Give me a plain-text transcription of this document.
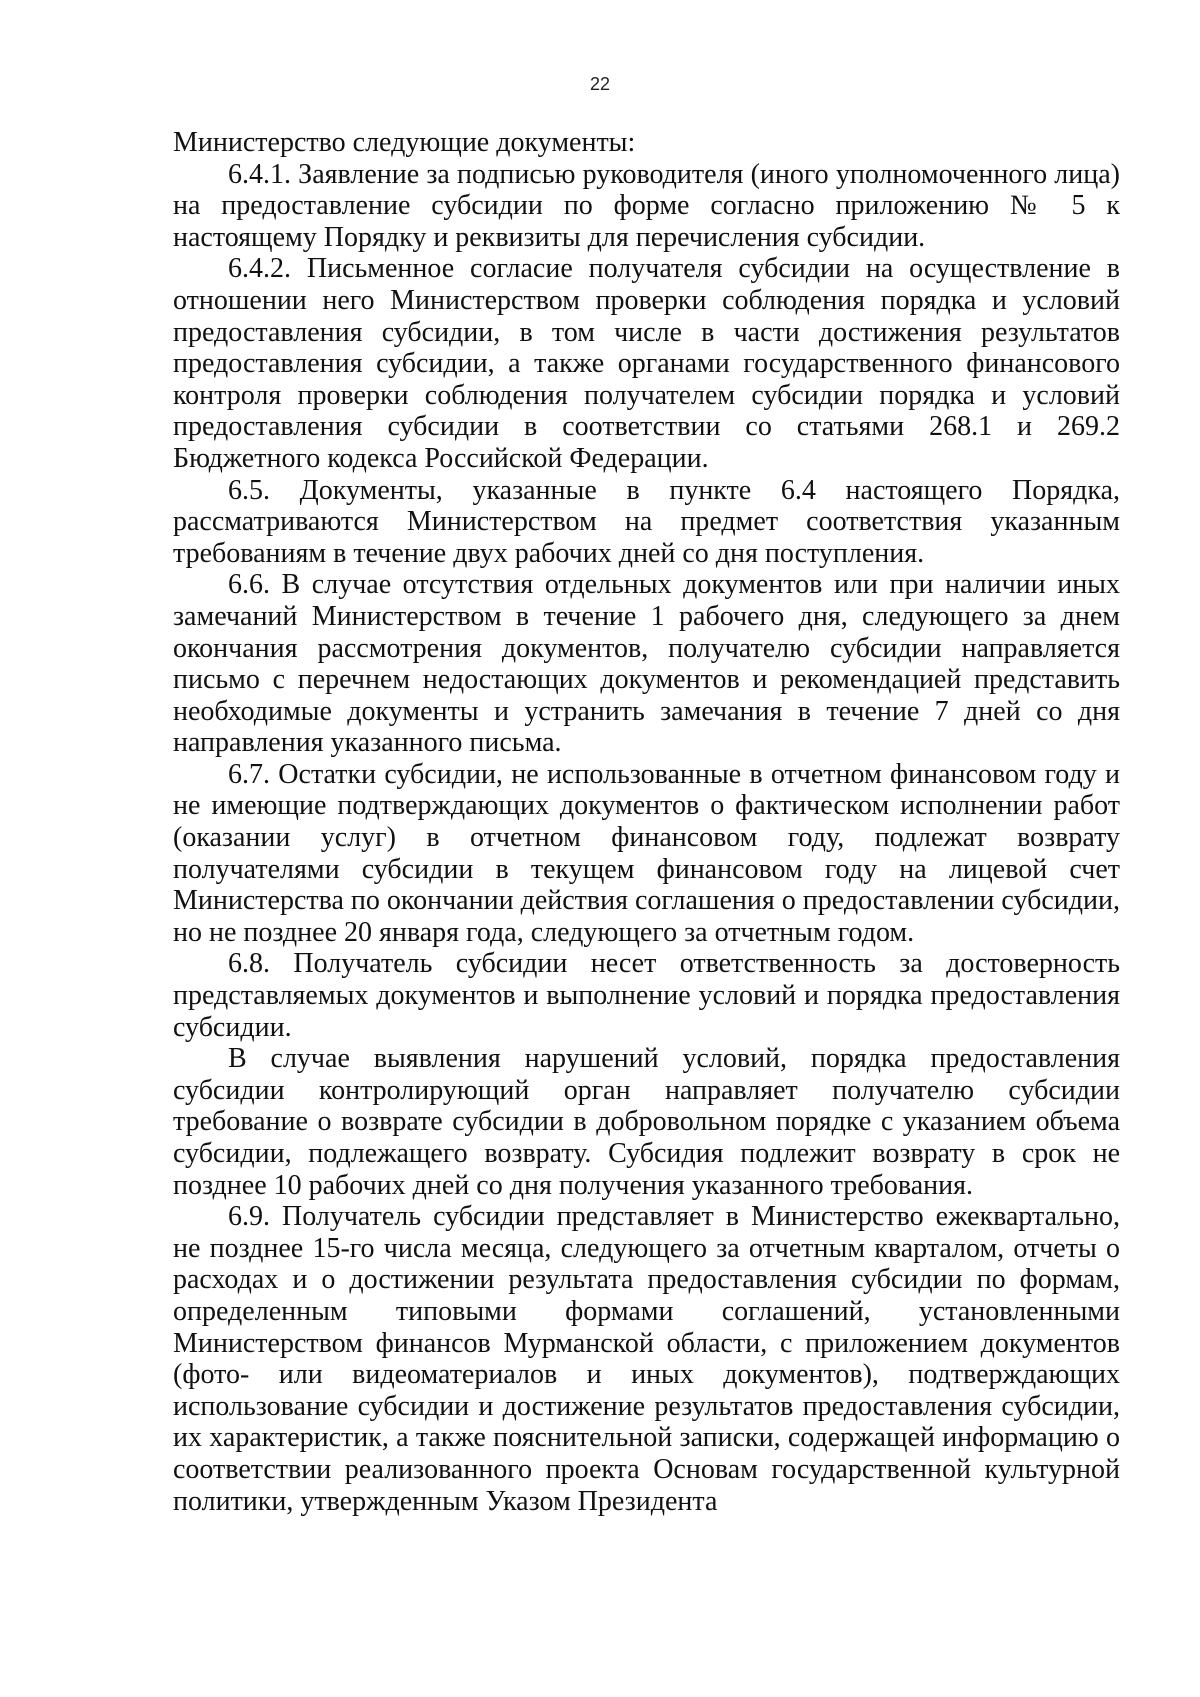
22

Министерство следующие документы:

6.4.1. Заявление за подписью руководителя (иного уполномоченного лица) на предоставление субсидии по форме согласно приложению № 5 к настоящему Порядку и реквизиты для перечисления субсидии.

6.4.2. Письменное согласие получателя субсидии на осуществление в отношении него Министерством проверки соблюдения порядка и условий предоставления субсидии, в том числе в части достижения результатов предоставления субсидии, а также органами государственного финансового контроля проверки соблюдения получателем субсидии порядка и условий предоставления субсидии в соответствии со статьями 268.1 и 269.2 Бюджетного кодекса Российской Федерации.

6.5. Документы, указанные в пункте 6.4 настоящего Порядка, рассматриваются Министерством на предмет соответствия указанным требованиям в течение двух рабочих дней со дня поступления.

6.6. В случае отсутствия отдельных документов или при наличии иных замечаний Министерством в течение 1 рабочего дня, следующего за днем окончания рассмотрения документов, получателю субсидии направляется письмо с перечнем недостающих документов и рекомендацией представить необходимые документы и устранить замечания в течение 7 дней со дня направления указанного письма.

6.7. Остатки субсидии, не использованные в отчетном финансовом году и не имеющие подтверждающих документов о фактическом исполнении работ (оказании услуг) в отчетном финансовом году, подлежат возврату получателями субсидии в текущем финансовом году на лицевой счет Министерства по окончании действия соглашения о предоставлении субсидии, но не позднее 20 января года, следующего за отчетным годом.

6.8. Получатель субсидии несет ответственность за достоверность представляемых документов и выполнение условий и порядка предоставления субсидии.

В случае выявления нарушений условий, порядка предоставления субсидии контролирующий орган направляет получателю субсидии требование о возврате субсидии в добровольном порядке с указанием объема субсидии, подлежащего возврату. Субсидия подлежит возврату в срок не позднее 10 рабочих дней со дня получения указанного требования.

6.9. Получатель субсидии представляет в Министерство ежеквартально, не позднее 15-го числа месяца, следующего за отчетным кварталом, отчеты о расходах и о достижении результата предоставления субсидии по формам, определенным типовыми формами соглашений, установленными Министерством финансов Мурманской области, с приложением документов (фото- или видеоматериалов и иных документов), подтверждающих использование субсидии и достижение результатов предоставления субсидии, их характеристик, а также пояснительной записки, содержащей информацию о соответствии реализованного проекта Основам государственной культурной политики, утвержденным Указом Президента
